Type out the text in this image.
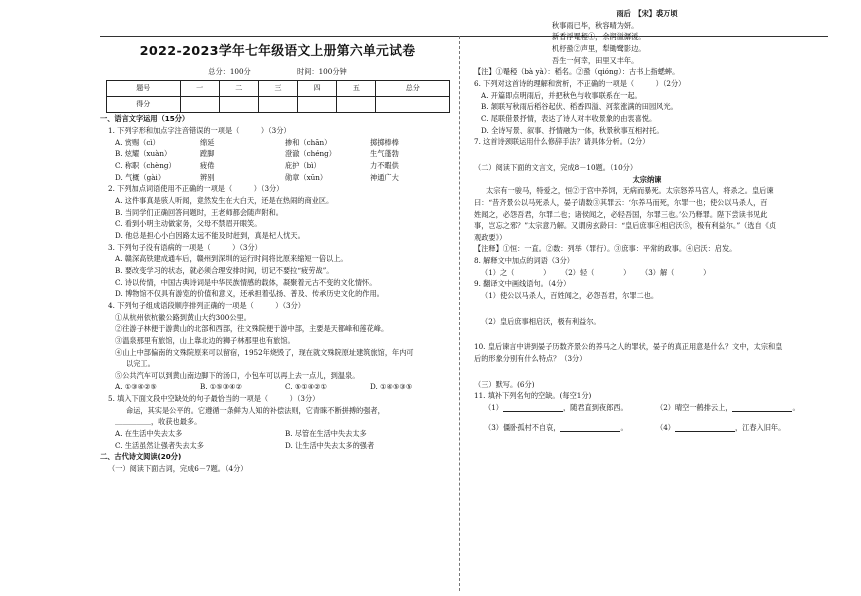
2022-2023学年七年级语文上册第六单元试卷
总分：100分	时间：100分钟
题号	一	二	三	四	五	总分
得分						
一、语言文字运用（15分）
1. 下列字形和加点字注音错误的一项是（　　　）（3分）
A. 赏赐（cì）	绵延	掺和（chān）	掷掷棒棒
B. 炫耀（xuàn）	蹚脚	澄澈（chéng）	生气蓬勃
C. 称职（chèng）	疲倦	庇护（bì）	力不暇供
D. 气概（gài）	辨别	勋章（xūn）	神通广大
2. 下列加点词语使用不正确的一项是（　　　）（3分）
A. 这件事真是骇人听闻，竟然发生在大白天，还是在热闹的商业区。
B. 当同学们正确回答问题时，王老师都会随声附和。
C. 看到小明主动做家务，父母不禁眉开眼笑。
D. 他总是担心小白因路太远不能及时赶到，真是杞人忧天。
3. 下列句子没有语病的一项是（　　　）（3分）
A. 赣深高铁建成通车后，赣州到深圳的运行时间将比原来缩短一倍以上。
B. 要改变学习的状态，就必须合理安排时间，切记不要拉“疲劳战”。
C. 诗以传情，中国古典诗词是中华民族情感的载体，凝聚着元古不变的文化情怀。
D. 博物馆不仅具有游览的价值和意义，还承担着弘扬、普及、传承历史文化的作用。
4. 下列句子组成语段顺序排列正确的一项是（　　　）（3分）
①从杭州依杭徽公路到黄山大约300公里。
②往游子林便于游黄山的北部和西部，往文殊院便于游中部，主要是天都峰和莲花峰。
③温泉那里有旅馆，山上靠北边的狮子林那里也有旅馆。
④山上中部偏南的文殊院原来可以留宿，1952年烧毁了，现在就文殊院原址建筑旅馆，年内可
以完工。
⑤公共汽车可以到黄山南边脚下的汤口，小包车可以再上去一点儿，到温泉。
A. ①③④②⑤	B. ①⑤③④②	C. ⑤①④②①	D. ①④⑤③⑤
5. 填入下面文段中空缺处的句子最恰当的一项是（　　　）（3分）
命运，其实是公平的。它遵循一条鲜为人知的补偿法则，它青睐不断拼搏的强者，
＿＿＿＿＿，收获也最多。
A. 在生活中失去太多	B. 尽管在生活中失去太多
C. 生活虽然让强者失去太多	D. 让生活中失去太多的强者
二、古代诗文阅读(20分)
（一）阅读下面古词，完成6－7题。（4分）
雨后　【宋】裘万顷
秋事雨已毕，秋容晴为妍。
新香浮罨稏①，余润溢潺湲。
机杼蛩②声里，犁锄鹭影边。
吾生一何幸，田里又丰年。
【注】①罨稏（bà yà）：稻名。②蛩（qióng）：古书上指蟋蟀。
6. 下列对这首诗的理解和赏析，不正确的一项是（　　　）（2分）
A. 开篇即点明雨后，并把秋色与收事联系在一起。
B. 颔联写秋雨后稻谷起伏、稻香四溢、河浆涨满的田园风光。
C. 尾联借景抒情，表达了诗人对丰收景象的由衷喜悦。
D. 全诗写景、叙事、抒情融为一体，秋景秋事互相衬托。
7. 这首诗颈联运用什么修辞手法？请具体分析。（2分）
（二）阅读下面的文言文，完成8－10题。（10分）
太宗纳谏
太宗有一骏马，特爱之，恒②于宫中养饲，无病而暴死。太宗怒养马宫人，将杀之。皇后谏
曰：“昔齐景公以马死杀人，晏子请数③其罪云：‘尔养马而死，尔罪一也；使公以马杀人，百
姓闻之，必怨吾君，尔罪二也；诸侯闻之，必轻吾国，尔罪三也。’公乃释罪。陛下尝读书见此
事，岂忘之邪？”太宗意乃解。又谓房玄龄曰：“皇后庶事④相启沃⑤，极有利益尔。”（选自《贞
观政要》）
【注释】①恒：一直。②数：列举（罪行）。③庶事：平常的政事。④启沃：启发。
8. 解释文中加点的词语（3分）
（1）之（　　　　）	（2）轻（　　　　）	（3）解（　　　　）
9. 翻译文中画线语句。（4分）
（1）使公以马杀人，百姓闻之，必怨吾君，尔罪二也。
（2）皇后庶事相启沃，极有利益尔。
10. 皇后谏言中讲到晏子历数齐景公的养马之人的罪状，晏子的真正用意是什么？文中，太宗和皇
后的形象分别有什么特点？（3分）
（三）默写。(6分)
11. 填补下列名句的空缺。(每空1分)
（1）	，随君直到夜郎西。	（2）晴空一鹤排云上，	。
（3）僵卧孤村不自哀，	。	（4）	，江春入旧年。
